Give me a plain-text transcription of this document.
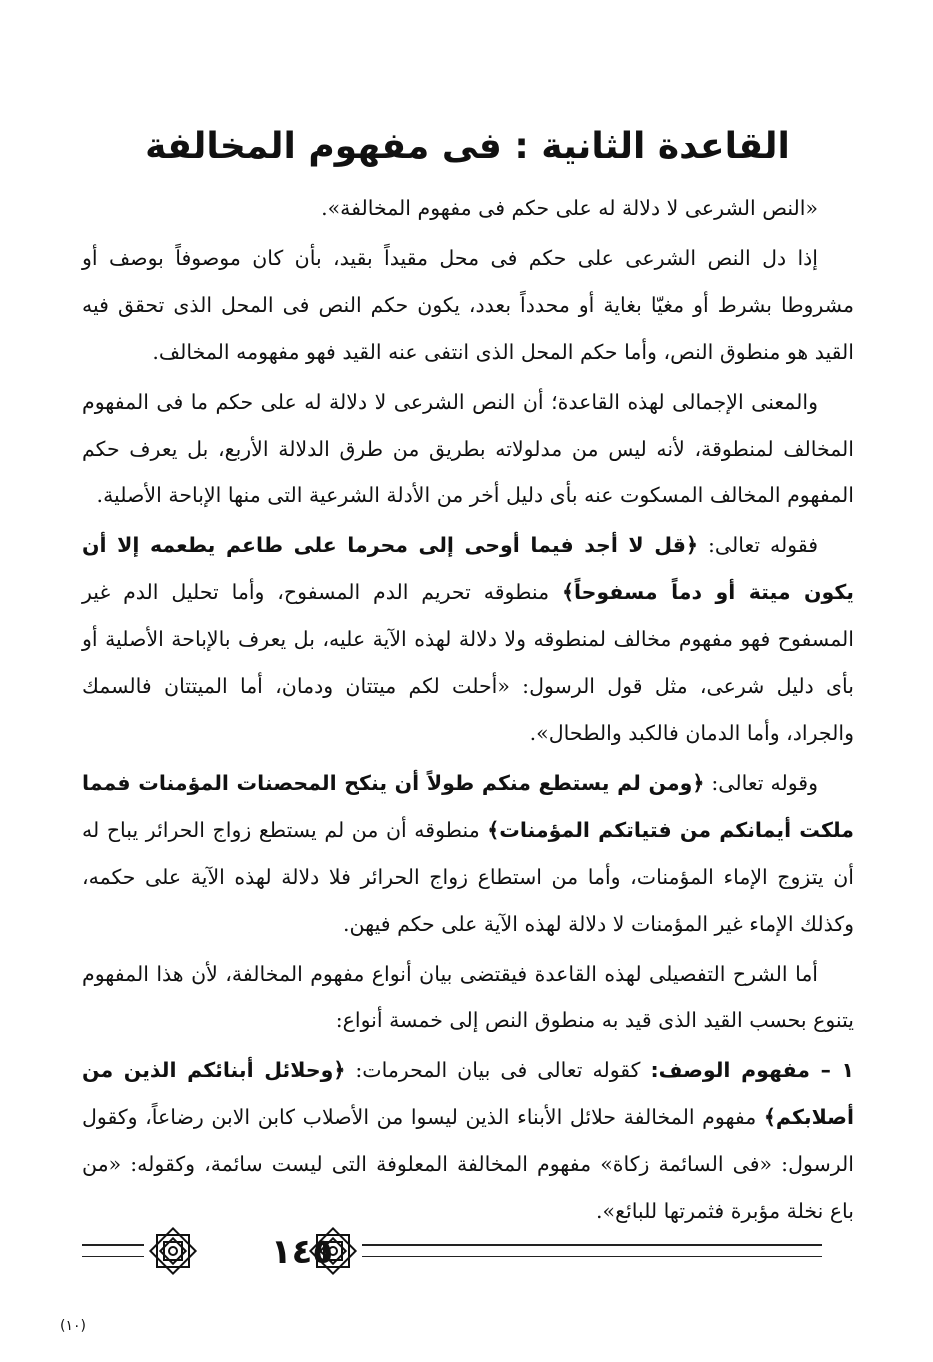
القاعدة الثانية : فى مفهوم المخالفة

«النص الشرعى لا دلالة له على حكم فى مفهوم المخالفة».

إذا دل النص الشرعى على حكم فى محل مقيداً بقيد، بأن كان موصوفاً بوصف أو مشروطا بشرط أو مغيّا بغاية أو محدداً بعدد، يكون حكم النص فى المحل الذى تحقق فيه القيد هو منطوق النص، وأما حكم المحل الذى انتفى عنه القيد فهو مفهومه المخالف.

والمعنى الإجمالى لهذه القاعدة؛ أن النص الشرعى لا دلالة له على حكم ما فى المفهوم المخالف لمنطوقة، لأنه ليس من مدلولاته بطريق من طرق الدلالة الأربع، بل يعرف حكم المفهوم المخالف المسكوت عنه بأى دليل أخر من الأدلة الشرعية التى منها الإباحة الأصلية.

فقوله تعالى: ﴿قل لا أجد فيما أوحى إلى محرما على طاعم يطعمه إلا أن يكون ميتة أو دماً مسفوحاً﴾ منطوقه تحريم الدم المسفوح، وأما تحليل الدم غير المسفوح فهو مفهوم مخالف لمنطوقه ولا دلالة لهذه الآية عليه، بل يعرف بالإباحة الأصلية أو بأى دليل شرعى، مثل قول الرسول: «أحلت لكم ميتتان ودمان، أما الميتتان فالسمك والجراد، وأما الدمان فالكبد والطحال».

وقوله تعالى: ﴿ومن لم يستطع منكم طولاً أن ينكح المحصنات المؤمنات فمما ملكت أيمانكم من فتياتكم المؤمنات﴾ منطوقه أن من لم يستطع زواج الحرائر يباح له أن يتزوج الإماء المؤمنات، وأما من استطاع زواج الحرائر فلا دلالة لهذه الآية على حكمه، وكذلك الإماء غير المؤمنات لا دلالة لهذه الآية على حكم فيهن.

أما الشرح التفصيلى لهذه القاعدة فيقتضى بيان أنواع مفهوم المخالفة، لأن هذا المفهوم يتنوع بحسب القيد الذى قيد به منطوق النص إلى خمسة أنواع:

١ – مفهوم الوصف: كقوله تعالى فى بيان المحرمات: ﴿وحلائل أبنائكم الذين من أصلابكم﴾ مفهوم المخالفة حلائل الأبناء الذين ليسوا من الأصلاب كابن الابن رضاعاً، وكقول الرسول: «فى السائمة زكاة» مفهوم المخالفة المعلوفة التى ليست سائمة، وكقوله: «من باع نخلة مؤبرة فثمرتها للبائع».

١٤٥
(١٠)
